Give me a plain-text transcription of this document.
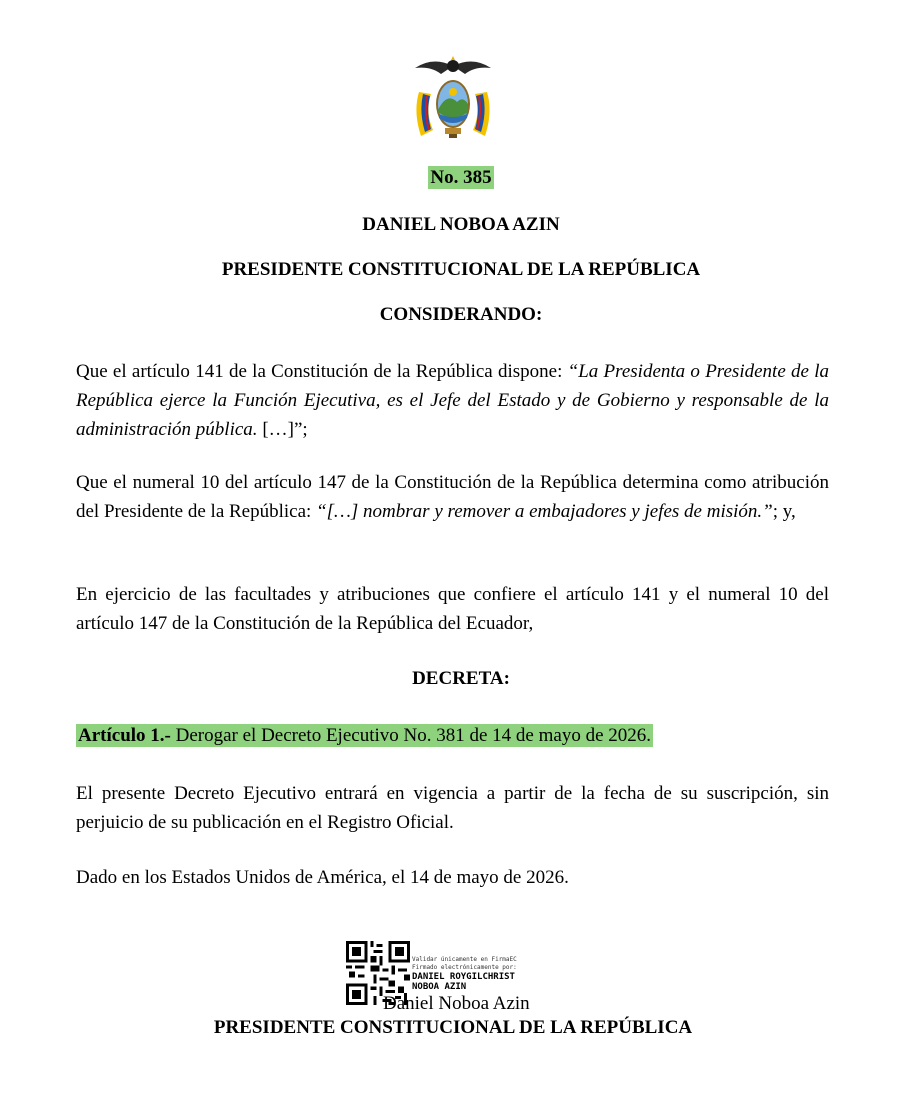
No. 385
DANIEL NOBOA AZIN
PRESIDENTE CONSTITUCIONAL DE LA REPÚBLICA
CONSIDERANDO:
Que el artículo 141 de la Constitución de la República dispone: “La Presidenta o Presidente de la República ejerce la Función Ejecutiva, es el Jefe del Estado y de Gobierno y responsable de la administración pública. […]”;
Que el numeral 10 del artículo 147 de la Constitución de la República determina como atribución del Presidente de la República: “[…] nombrar y remover a embajadores y jefes de misión.”; y,
En ejercicio de las facultades y atribuciones que confiere el artículo 141 y el numeral 10 del artículo 147 de la Constitución de la República del Ecuador,
DECRETA:
Artículo 1.- Derogar el Decreto Ejecutivo No. 381 de 14 de mayo de 2026.
El presente Decreto Ejecutivo entrará en vigencia a partir de la fecha de su suscripción, sin perjuicio de su publicación en el Registro Oficial.
Dado en los Estados Unidos de América, el 14 de mayo de 2026.
Validar únicamente en FirmaEC
Firmado electrónicamente por:
DANIEL ROYGILCHRIST
NOBOA AZIN
Daniel Noboa Azin
PRESIDENTE CONSTITUCIONAL DE LA REPÚBLICA
